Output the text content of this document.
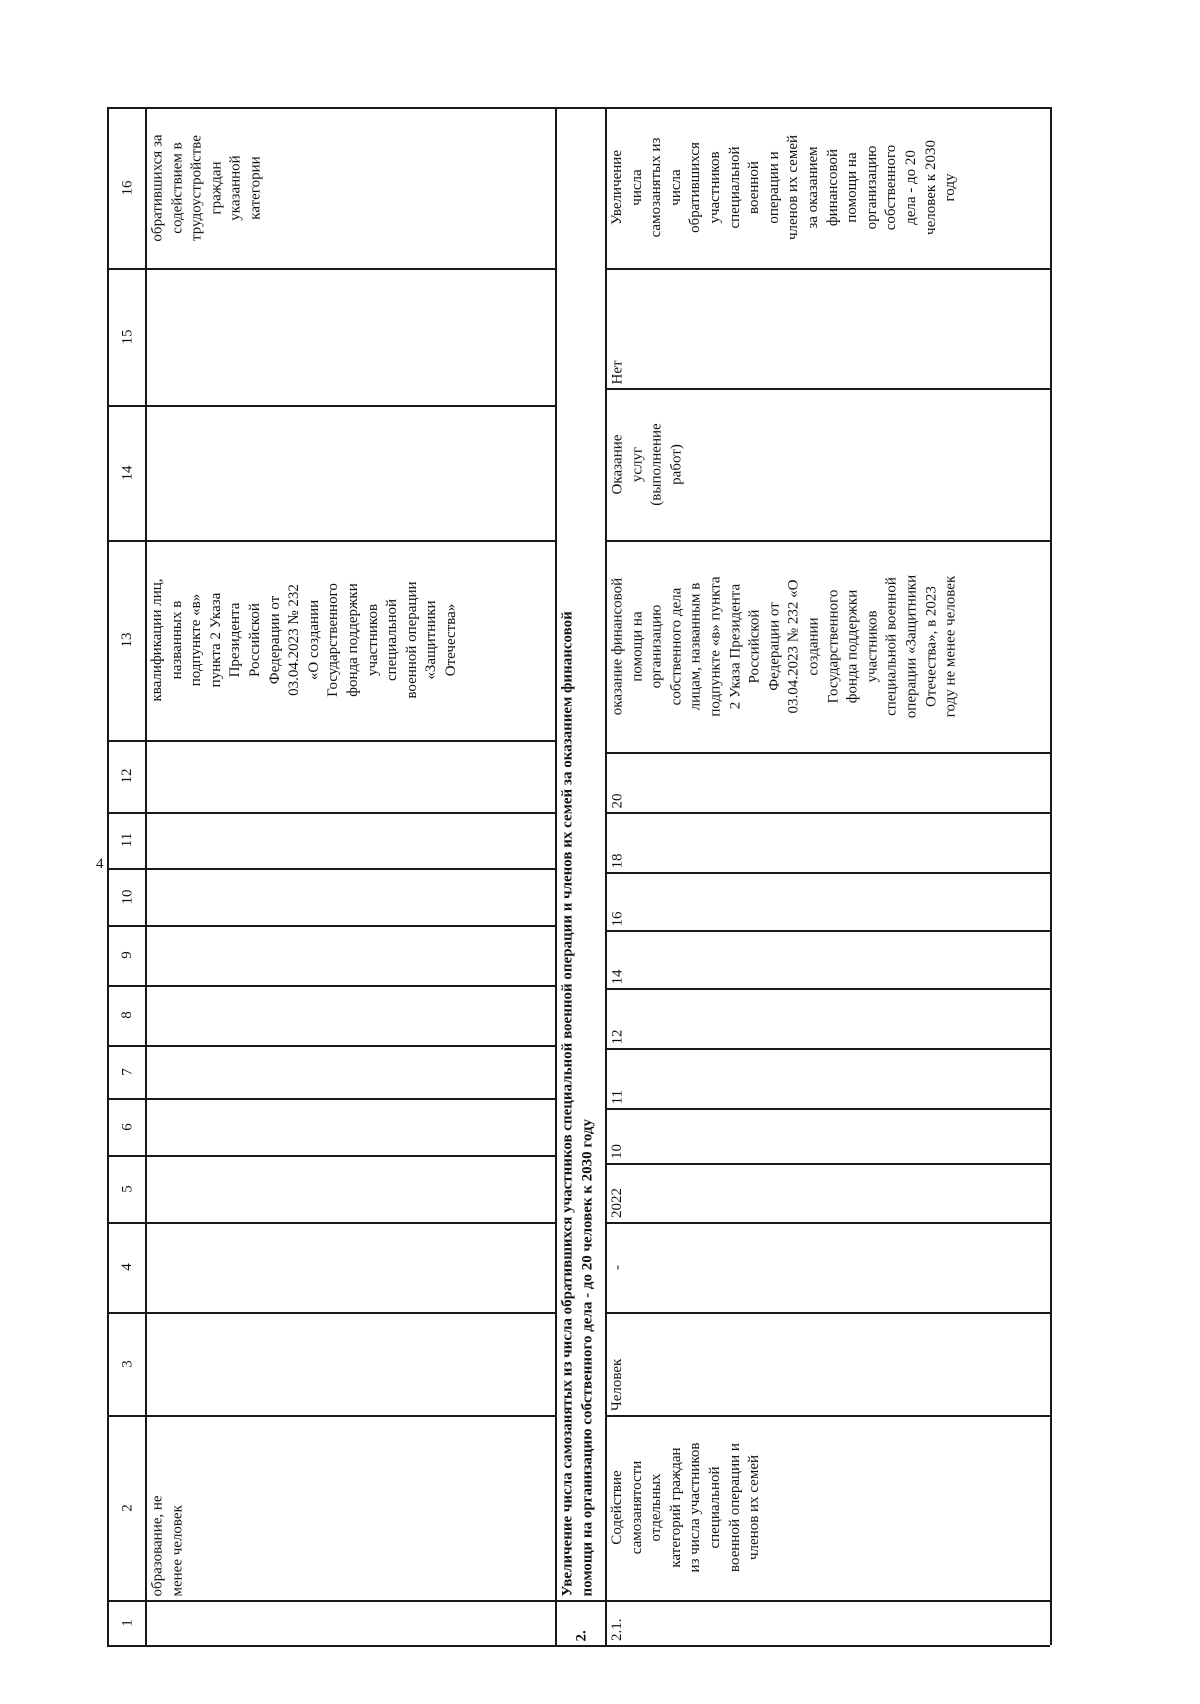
4
1
2
3
4
5
6
7
8
9
10
11
12
13
14
15
16
образование, не
менее человек
квалификации лиц,
названных в
подпункте «в»
пункта 2 Указа
Президента
Российской
Федерации от
03.04.2023 № 232
«О создании
Государственного
фонда поддержки
участников
специальной
военной операции
«Защитники
Отечества»
обратившихся за
содействием в
трудоустройстве
граждан
указанной
категории
2.
Увеличение числа самозанятых из числа обратившихся участников специальной военной операции и членов их семей за оказанием финансовой
помощи на организацию собственного дела - до 20 человек к 2030 году
2.1.
Содействие
самозанятости
отдельных
категорий граждан
из числа участников
специальной
военной операции и
членов их семей
Человек
-
2022
10
11
12
14
16
18
20
оказание финансовой
помощи на
организацию
собственного дела
лицам, названным в
подпункте «в» пункта
2 Указа Президента
Российской
Федерации от
03.04.2023 № 232 «О
создании
Государственного
фонда поддержки
участников
специальной военной
операции «Защитники
Отечества», в 2023
году не менее человек
Оказание
услуг
(выполнение
работ)
Нет
Увеличение
числа
самозанятых из
числа
обратившихся
участников
специальной
военной
операции и
членов их семей
за оказанием
финансовой
помощи на
организацию
собственного
дела - до 20
человек к 2030
году
